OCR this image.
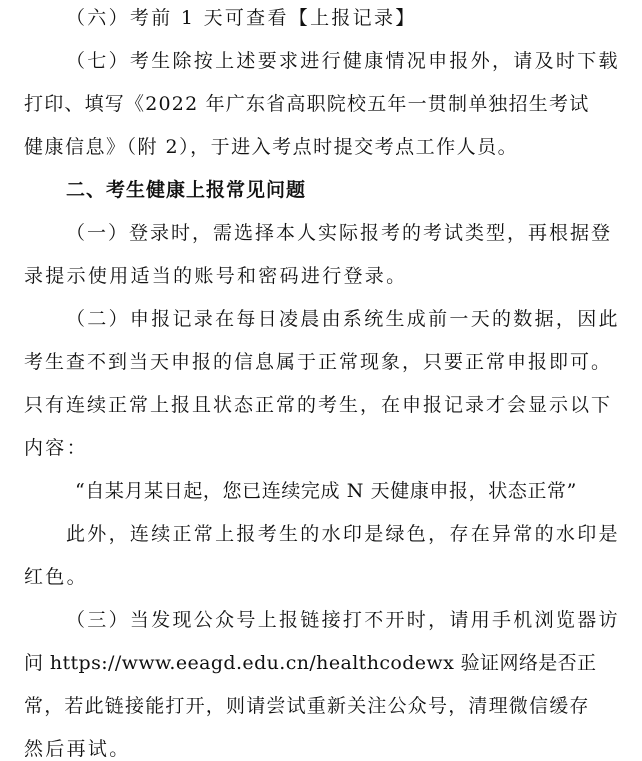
（六）考前 1 天可查看【上报记录】
（七）考生除按上述要求进行健康情况申报外，请及时下载
打印、填写《2022 年广东省高职院校五年一贯制单独招生考试
健康信息》（附 2），于进入考点时提交考点工作人员。
二、考生健康上报常见问题
（一）登录时，需选择本人实际报考的考试类型，再根据登
录提示使用适当的账号和密码进行登录。
（二）申报记录在每日凌晨由系统生成前一天的数据，因此
考生查不到当天申报的信息属于正常现象，只要正常申报即可。
只有连续正常上报且状态正常的考生，在申报记录才会显示以下
内容：
“自某月某日起，您已连续完成 N 天健康申报，状态正常”
此外，连续正常上报考生的水印是绿色，存在异常的水印是
红色。
（三）当发现公众号上报链接打不开时，请用手机浏览器访
问 https://www.eeagd.edu.cn/healthcodewx 验证网络是否正
常，若此链接能打开，则请尝试重新关注公众号，清理微信缓存
然后再试。
